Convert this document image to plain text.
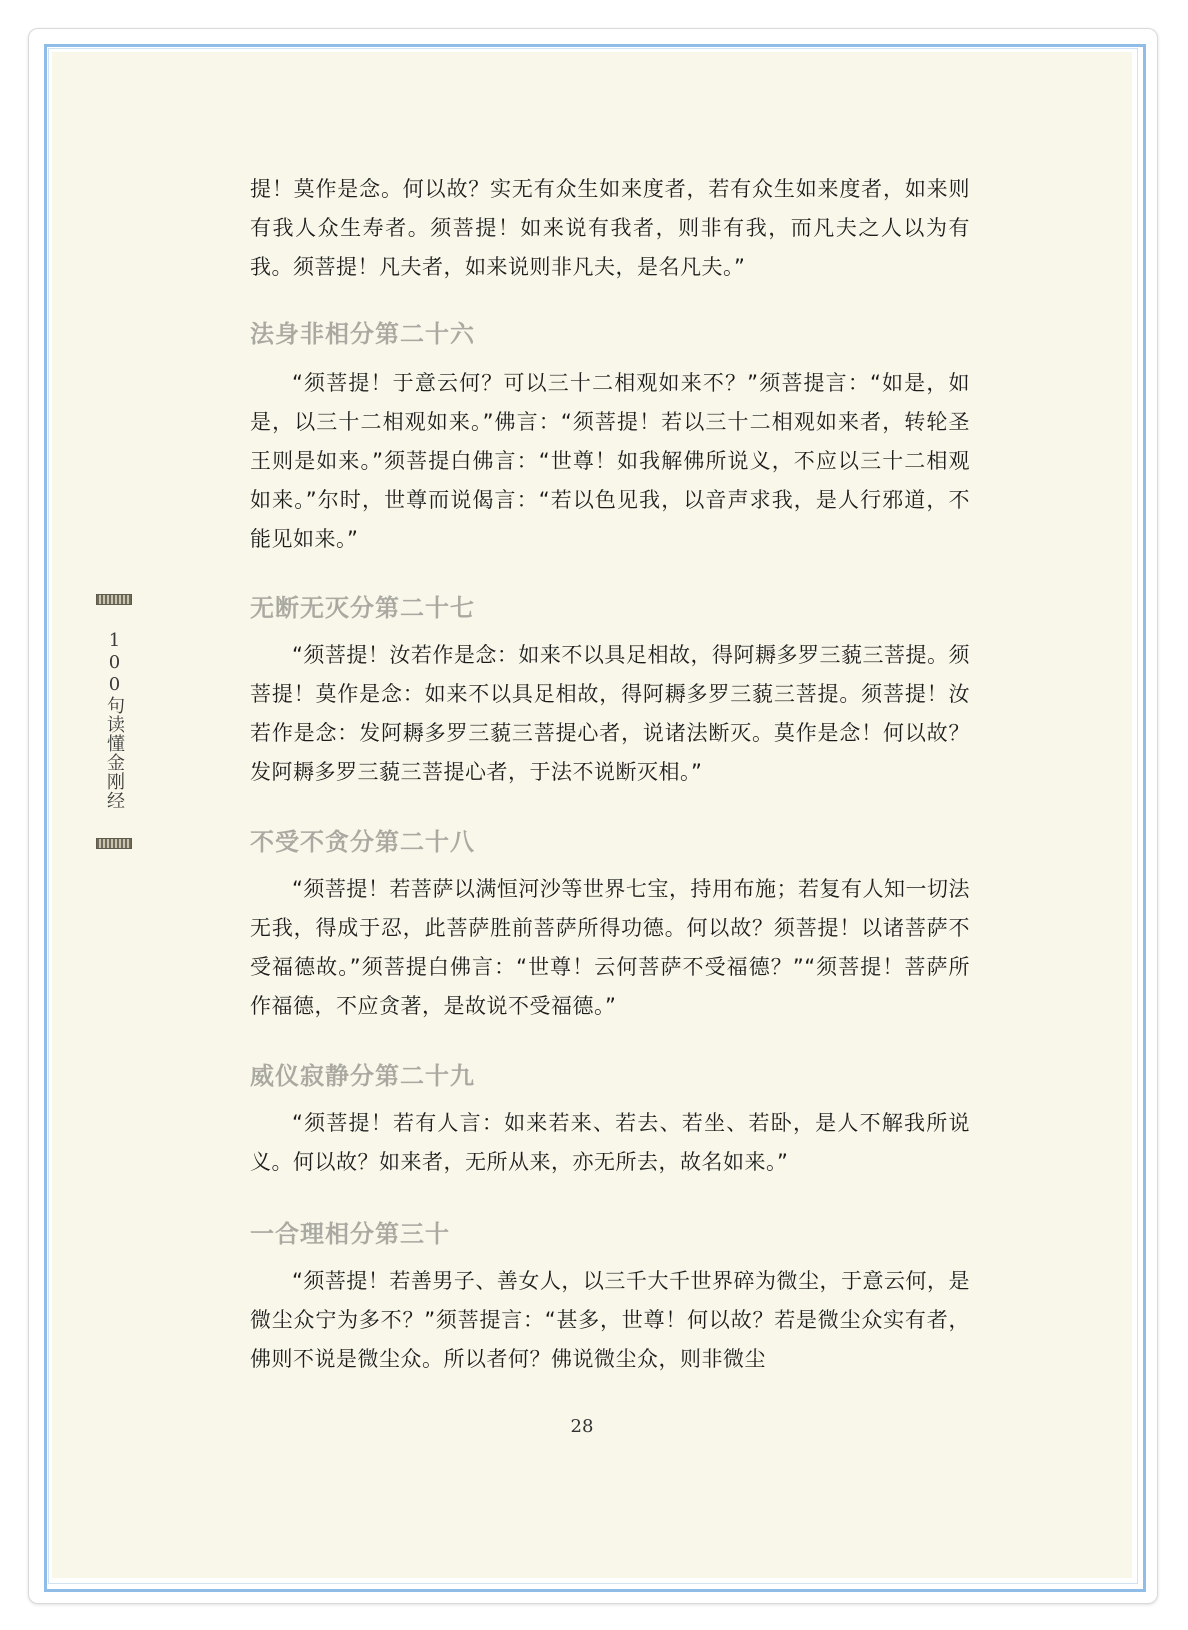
100句读懂金刚经

提！莫作是念。何以故？实无有众生如来度者，若有众生如来度者，如来则有我人众生寿者。须菩提！如来说有我者，则非有我，而凡夫之人以为有我。须菩提！凡夫者，如来说则非凡夫，是名凡夫。”

法身非相分第二十六

“须菩提！于意云何？可以三十二相观如来不？”须菩提言：“如是，如是，以三十二相观如来。”佛言：“须菩提！若以三十二相观如来者，转轮圣王则是如来。”须菩提白佛言：“世尊！如我解佛所说义，不应以三十二相观如来。”尔时，世尊而说偈言：“若以色见我，以音声求我，是人行邪道，不能见如来。”

无断无灭分第二十七

“须菩提！汝若作是念：如来不以具足相故，得阿耨多罗三藐三菩提。须菩提！莫作是念：如来不以具足相故，得阿耨多罗三藐三菩提。须菩提！汝若作是念：发阿耨多罗三藐三菩提心者，说诸法断灭。莫作是念！何以故？发阿耨多罗三藐三菩提心者，于法不说断灭相。”

不受不贪分第二十八

“须菩提！若菩萨以满恒河沙等世界七宝，持用布施；若复有人知一切法无我，得成于忍，此菩萨胜前菩萨所得功德。何以故？须菩提！以诸菩萨不受福德故。”须菩提白佛言：“世尊！云何菩萨不受福德？”“须菩提！菩萨所作福德，不应贪著，是故说不受福德。”

威仪寂静分第二十九

“须菩提！若有人言：如来若来、若去、若坐、若卧，是人不解我所说义。何以故？如来者，无所从来，亦无所去，故名如来。”

一合理相分第三十

“须菩提！若善男子、善女人，以三千大千世界碎为微尘，于意云何，是微尘众宁为多不？”须菩提言：“甚多，世尊！何以故？若是微尘众实有者，佛则不说是微尘众。所以者何？佛说微尘众，则非微尘

28
